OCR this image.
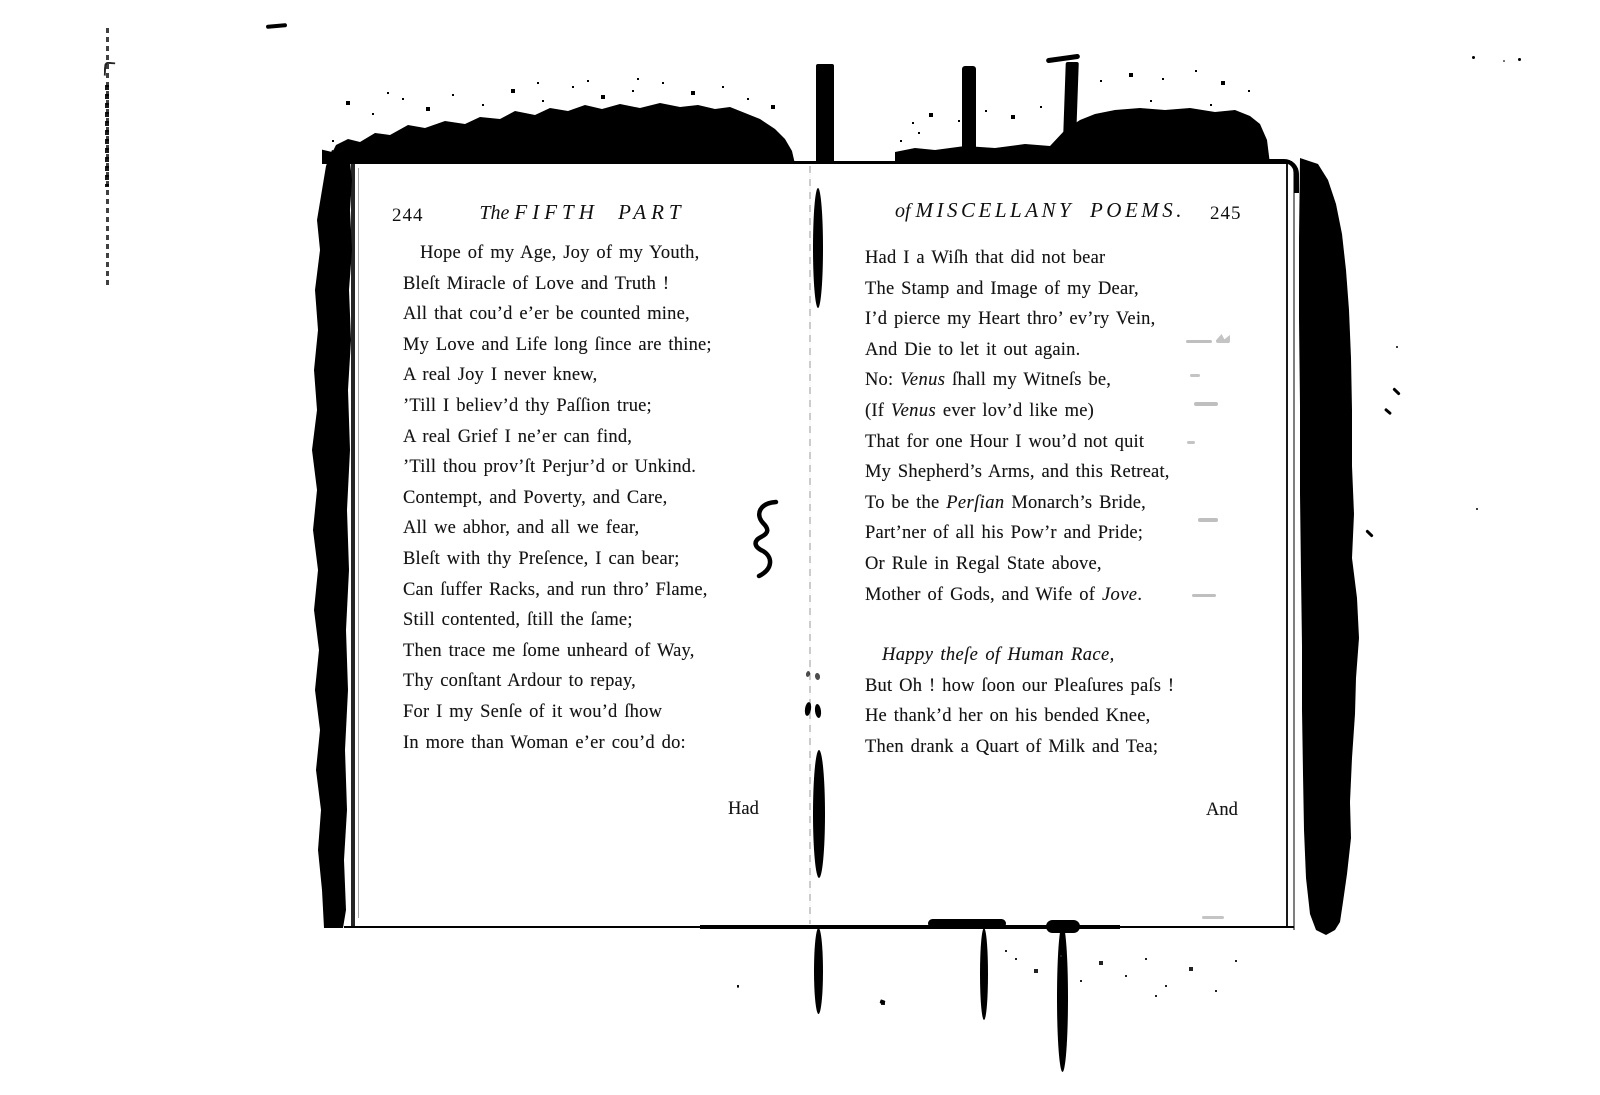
244	The FIFTH PART
Hope of my Age, Joy of my Youth,
Bleſt Miracle of Love and Truth !
All that cou’d e’er be counted mine,
My Love and Life long ſince are thine;
A real Joy I never knew,
’Till I believ’d thy Paſſion true;
A real Grief I ne’er can find,
’Till thou prov’ſt Perjur’d or Unkind.
Contempt, and Poverty, and Care,
All we abhor, and all we fear,
Bleſt with thy Preſence, I can bear;
Can ſuffer Racks, and run thro’ Flame,
Still contented, ſtill the ſame;
Then trace me ſome unheard of Way,
Thy conſtant Ardour to repay,
For I my Senſe of it wou’d ſhow
In more than Woman e’er cou’d do:
Had
of MISCELLANY POEMS. 245
Had I a Wiſh that did not bear
The Stamp and Image of my Dear,
I’d pierce my Heart thro’ ev’ry Vein,
And Die to let it out again.
No: Venus ſhall my Witneſs be,
(If Venus ever lov’d like me)
That for one Hour I wou’d not quit
My Shepherd’s Arms, and this Retreat,
To be the Perſian Monarch’s Bride,
Part’ner of all his Pow’r and Pride;
Or Rule in Regal State above,
Mother of Gods, and Wife of Jove.
Happy theſe of Human Race,
But Oh ! how ſoon our Pleaſures paſs !
He thank’d her on his bended Knee,
Then drank a Quart of Milk and Tea;
And
